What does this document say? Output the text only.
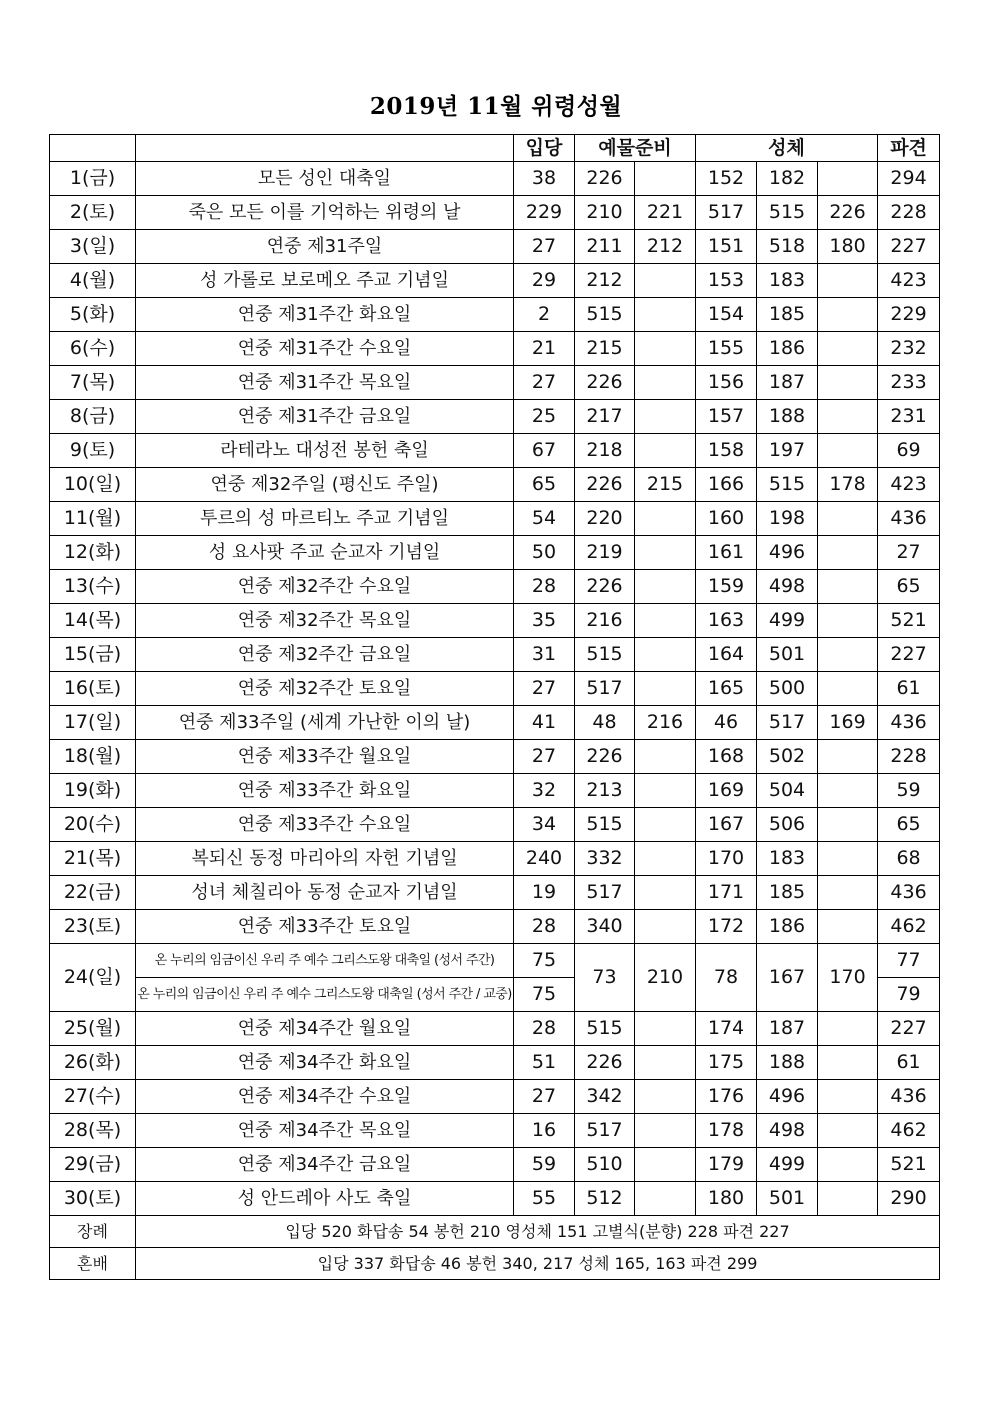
2019년 11월 위령성월
		입당	예물준비		성체			파견
1(금)	모든 성인 대축일	38	226		152	182		294
2(토)	죽은 모든 이를 기억하는 위령의 날	229	210	221	517	515	226	228
3(일)	연중 제31주일	27	211	212	151	518	180	227
4(월)	성 가롤로 보로메오 주교 기념일	29	212		153	183		423
5(화)	연중 제31주간 화요일	2	515		154	185		229
6(수)	연중 제31주간 수요일	21	215		155	186		232
7(목)	연중 제31주간 목요일	27	226		156	187		233
8(금)	연중 제31주간 금요일	25	217		157	188		231
9(토)	라테라노 대성전 봉헌 축일	67	218		158	197		69
10(일)	연중 제32주일 (평신도 주일)	65	226	215	166	515	178	423
11(월)	투르의 성 마르티노 주교 기념일	54	220		160	198		436
12(화)	성 요사팟 주교 순교자 기념일	50	219		161	496		27
13(수)	연중 제32주간 수요일	28	226		159	498		65
14(목)	연중 제32주간 목요일	35	216		163	499		521
15(금)	연중 제32주간 금요일	31	515		164	501		227
16(토)	연중 제32주간 토요일	27	517		165	500		61
17(일)	연중 제33주일 (세계 가난한 이의 날)	41	48	216	46	517	169	436
18(월)	연중 제33주간 월요일	27	226		168	502		228
19(화)	연중 제33주간 화요일	32	213		169	504		59
20(수)	연중 제33주간 수요일	34	515		167	506		65
21(목)	복되신 동정 마리아의 자헌 기념일	240	332		170	183		68
22(금)	성녀 체칠리아 동정 순교자 기념일	19	517		171	185		436
23(토)	연중 제33주간 토요일	28	340		172	186		462
24(일)	온 누리의 임금이신 우리 주 예수 그리스도왕 대축일 (성서 주간)	75	73	210	78	167	170	77
	온 누리의 임금이신 우리 주 예수 그리스도왕 대축일 (성서 주간 / 교중)	75						79
25(월)	연중 제34주간 월요일	28	515		174	187		227
26(화)	연중 제34주간 화요일	51	226		175	188		61
27(수)	연중 제34주간 수요일	27	342		176	496		436
28(목)	연중 제34주간 목요일	16	517		178	498		462
29(금)	연중 제34주간 금요일	59	510		179	499		521
30(토)	성 안드레아 사도 축일	55	512		180	501		290
장례	입당 520 화답송 54 봉헌 210 영성체 151 고별식(분향) 228 파견 227							
혼배	입당 337 화답송 46 봉헌 340, 217 성체 165, 163 파견 299							
